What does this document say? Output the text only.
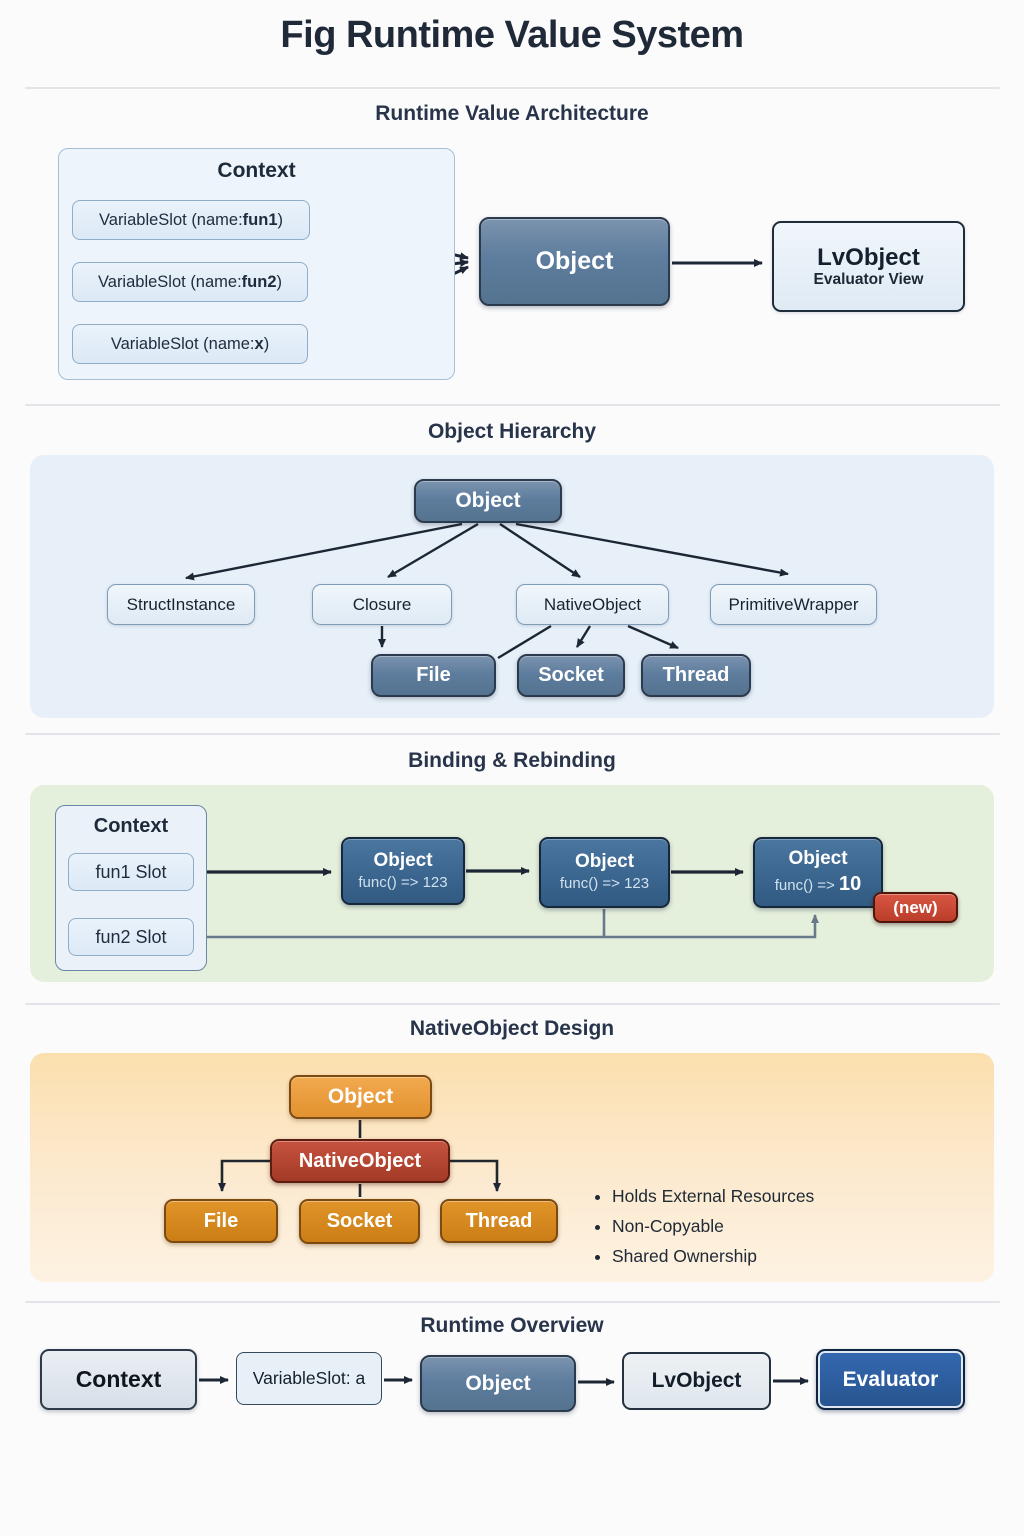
Fig Runtime Value System
Runtime Value Architecture
Context
VariableSlot (name: fun1 )
VariableSlot (name: fun2 )
VariableSlot (name: x )
Object	LvObject
Evaluator View
Object Hierarchy
Object
StructInstance	Closure	NativeObject	PrimitiveWrapper
File	Socket	Thread
Binding & Rebinding
Context
fun1 Slot
fun2 Slot
Object
func() => 123
Object
func() => 123
Object
func() => 10
(new)
NativeObject Design
Object
NativeObject
File	Socket	Thread
• Holds External Resources
• Non-Copyable
• Shared Ownership
Runtime Overview
Context	VariableSlot: a	Object	LvObject	Evaluator
